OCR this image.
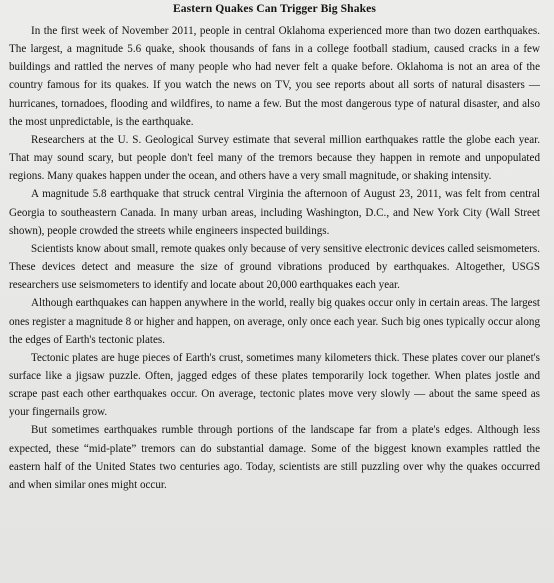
Eastern Quakes Can Trigger Big Shakes

In the first week of November 2011, people in central Oklahoma experienced more than two dozen earthquakes. The largest, a magnitude 5.6 quake, shook thousands of fans in a college football stadium, caused cracks in a few buildings and rattled the nerves of many people who had never felt a quake before. Oklahoma is not an area of the country famous for its quakes. If you watch the news on TV, you see reports about all sorts of natural disasters —hurricanes, tornadoes, flooding and wildfires, to name a few. But the most dangerous type of natural disaster, and also the most unpredictable, is the earthquake.

Researchers at the U. S. Geological Survey estimate that several million earthquakes rattle the globe each year. That may sound scary, but people don't feel many of the tremors because they happen in remote and unpopulated regions. Many quakes happen under the ocean, and others have a very small magnitude, or shaking intensity.

A magnitude 5.8 earthquake that struck central Virginia the afternoon of August 23, 2011, was felt from central Georgia to southeastern Canada. In many urban areas, including Washington, D.C., and New York City (Wall Street shown), people crowded the streets while engineers inspected buildings.

Scientists know about small, remote quakes only because of very sensitive electronic devices called seismometers. These devices detect and measure the size of ground vibrations produced by earthquakes. Altogether, USGS researchers use seismometers to identify and locate about 20,000 earthquakes each year.

Although earthquakes can happen anywhere in the world, really big quakes occur only in certain areas. The largest ones register a magnitude 8 or higher and happen, on average, only once each year. Such big ones typically occur along the edges of Earth's tectonic plates.

Tectonic plates are huge pieces of Earth's crust, sometimes many kilometers thick. These plates cover our planet's surface like a jigsaw puzzle. Often, jagged edges of these plates temporarily lock together. When plates jostle and scrape past each other earthquakes occur. On average, tectonic plates move very slowly — about the same speed as your fingernails grow.

But sometimes earthquakes rumble through portions of the landscape far from a plate's edges. Although less expected, these “mid-plate” tremors can do substantial damage. Some of the biggest known examples rattled the eastern half of the United States two centuries ago. Today, scientists are still puzzling over why the quakes occurred and when similar ones might occur.
